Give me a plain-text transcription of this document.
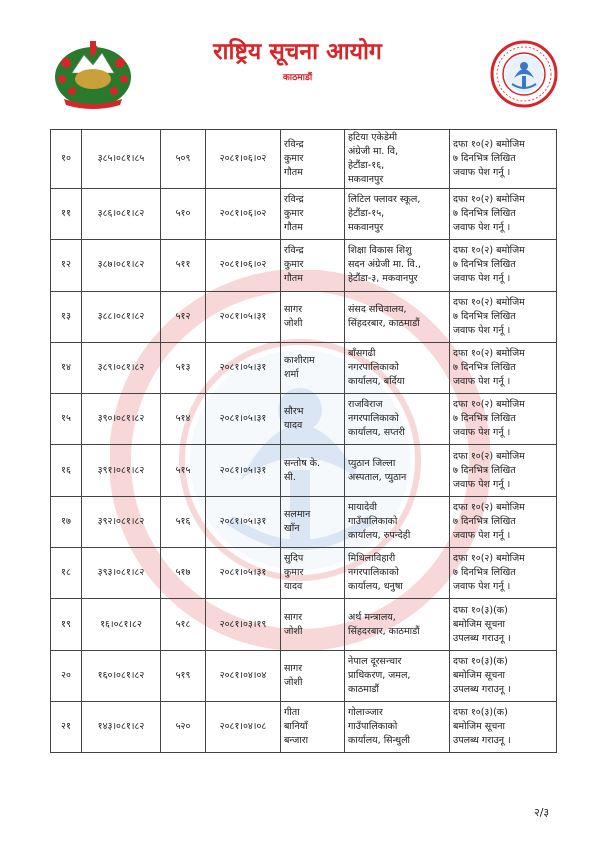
राष्ट्रिय सूचना आयोग
काठमाडौं
१०	३८५।०८१।८५	५०९	२०८१।०६।०२	रविन्द्र
कुमार
गौतम	हटिया एकेडेमी
अंग्रेजी मा. वि,
हेटौंडा-१६,
मकवानपुर	दफा १०(२) बमोजिम
७ दिनभित्र लिखित
जवाफ पेश गर्नू ।

११	३८६।०८१।८२	५१०	२०८१।०६।०२	रविन्द्र
कुमार
गौतम	लिटिल फ्लावर स्कूल,
हेटौंडा-१५,
मकवानपुर	दफा १०(२) बमोजिम
७ दिनभित्र लिखित
जवाफ पेश गर्नू ।

१२	३८७।०८१।८२	५११	२०८१।०६।०२	रविन्द्र
कुमार
गौतम	शिक्षा विकास शिशु
सदन अंग्रेजी मा. वि.,
हेटौंडा-३, मकवानपुर	दफा १०(२) बमोजिम
७ दिनभित्र लिखित
जवाफ पेश गर्नू ।

१३	३८८।०८१।८२	५१२	२०८१।०५।३१	सागर
जोशी	संसद सचिवालय,
सिंहदरबार, काठमाडौं	दफा १०(२) बमोजिम
७ दिनभित्र लिखित
जवाफ पेश गर्नू ।

१४	३८९।०८१।८२	५१३	२०८१।०५।३१	काशीराम
शर्मा	बाँसगढी
नगरपालिकाको
कार्यालय, बर्दिया	दफा १०(२) बमोजिम
७ दिनभित्र लिखित
जवाफ पेश गर्नू ।

१५	३९०।०८१।८२	५१४	२०८१।०५।३१	सौरभ
यादव	राजविराज
नगरपालिकाको
कार्यालय, सप्तरी	दफा १०(२) बमोजिम
७ दिनभित्र लिखित
जवाफ पेश गर्नू ।

१६	३९१।०८१।८२	५१५	२०८१।०५।३१	सन्तोष के.
सी.	प्युठान जिल्ला
अस्पताल, प्युठान	दफा १०(२) बमोजिम
७ दिनभित्र लिखित
जवाफ पेश गर्नू ।

१७	३९२।०८१।८२	५१६	२०८१।०५।३१	सलमान
खाँन	मायादेवी
गाउँपालिकाको
कार्यालय, रुपन्देही	दफा १०(२) बमोजिम
७ दिनभित्र लिखित
जवाफ पेश गर्नू ।

१८	३९३।०८१।८२	५१७	२०८१।०५।३१	सुदिप
कुमार
यादव	मिथिलाविहारी
नगरपालिकाको
कार्यालय, धनुषा	दफा १०(२) बमोजिम
७ दिनभित्र लिखित
जवाफ पेश गर्नू ।

१९	१६।०८१।८२	५१८	२०८१।०३।१९	सागर
जोशी	अर्थ मन्त्रालय,
सिंहदरबार, काठमाडौं	दफा १०(३)(क)
बमोजिम सूचना
उपलब्ध गराउनू ।

२०	१६०।०८१।८२	५१९	२०८१।०४।०४	सागर
जोशी	नेपाल दूरसन्चार
प्राधिकरण, जमल,
काठमाडौं	दफा १०(३)(क)
बमोजिम सूचना
उपलब्ध गराउनू ।

२१	१४३।०८१।८२	५२०	२०८१।०४।०८	गीता
बानियाँ
बन्जारा	गोलाञ्जार
गाउँपालिकाको
कार्यालय, सिन्धुली	दफा १०(३)(क)
बमोजिम सूचना
उपलब्ध गराउनू ।
२/३
